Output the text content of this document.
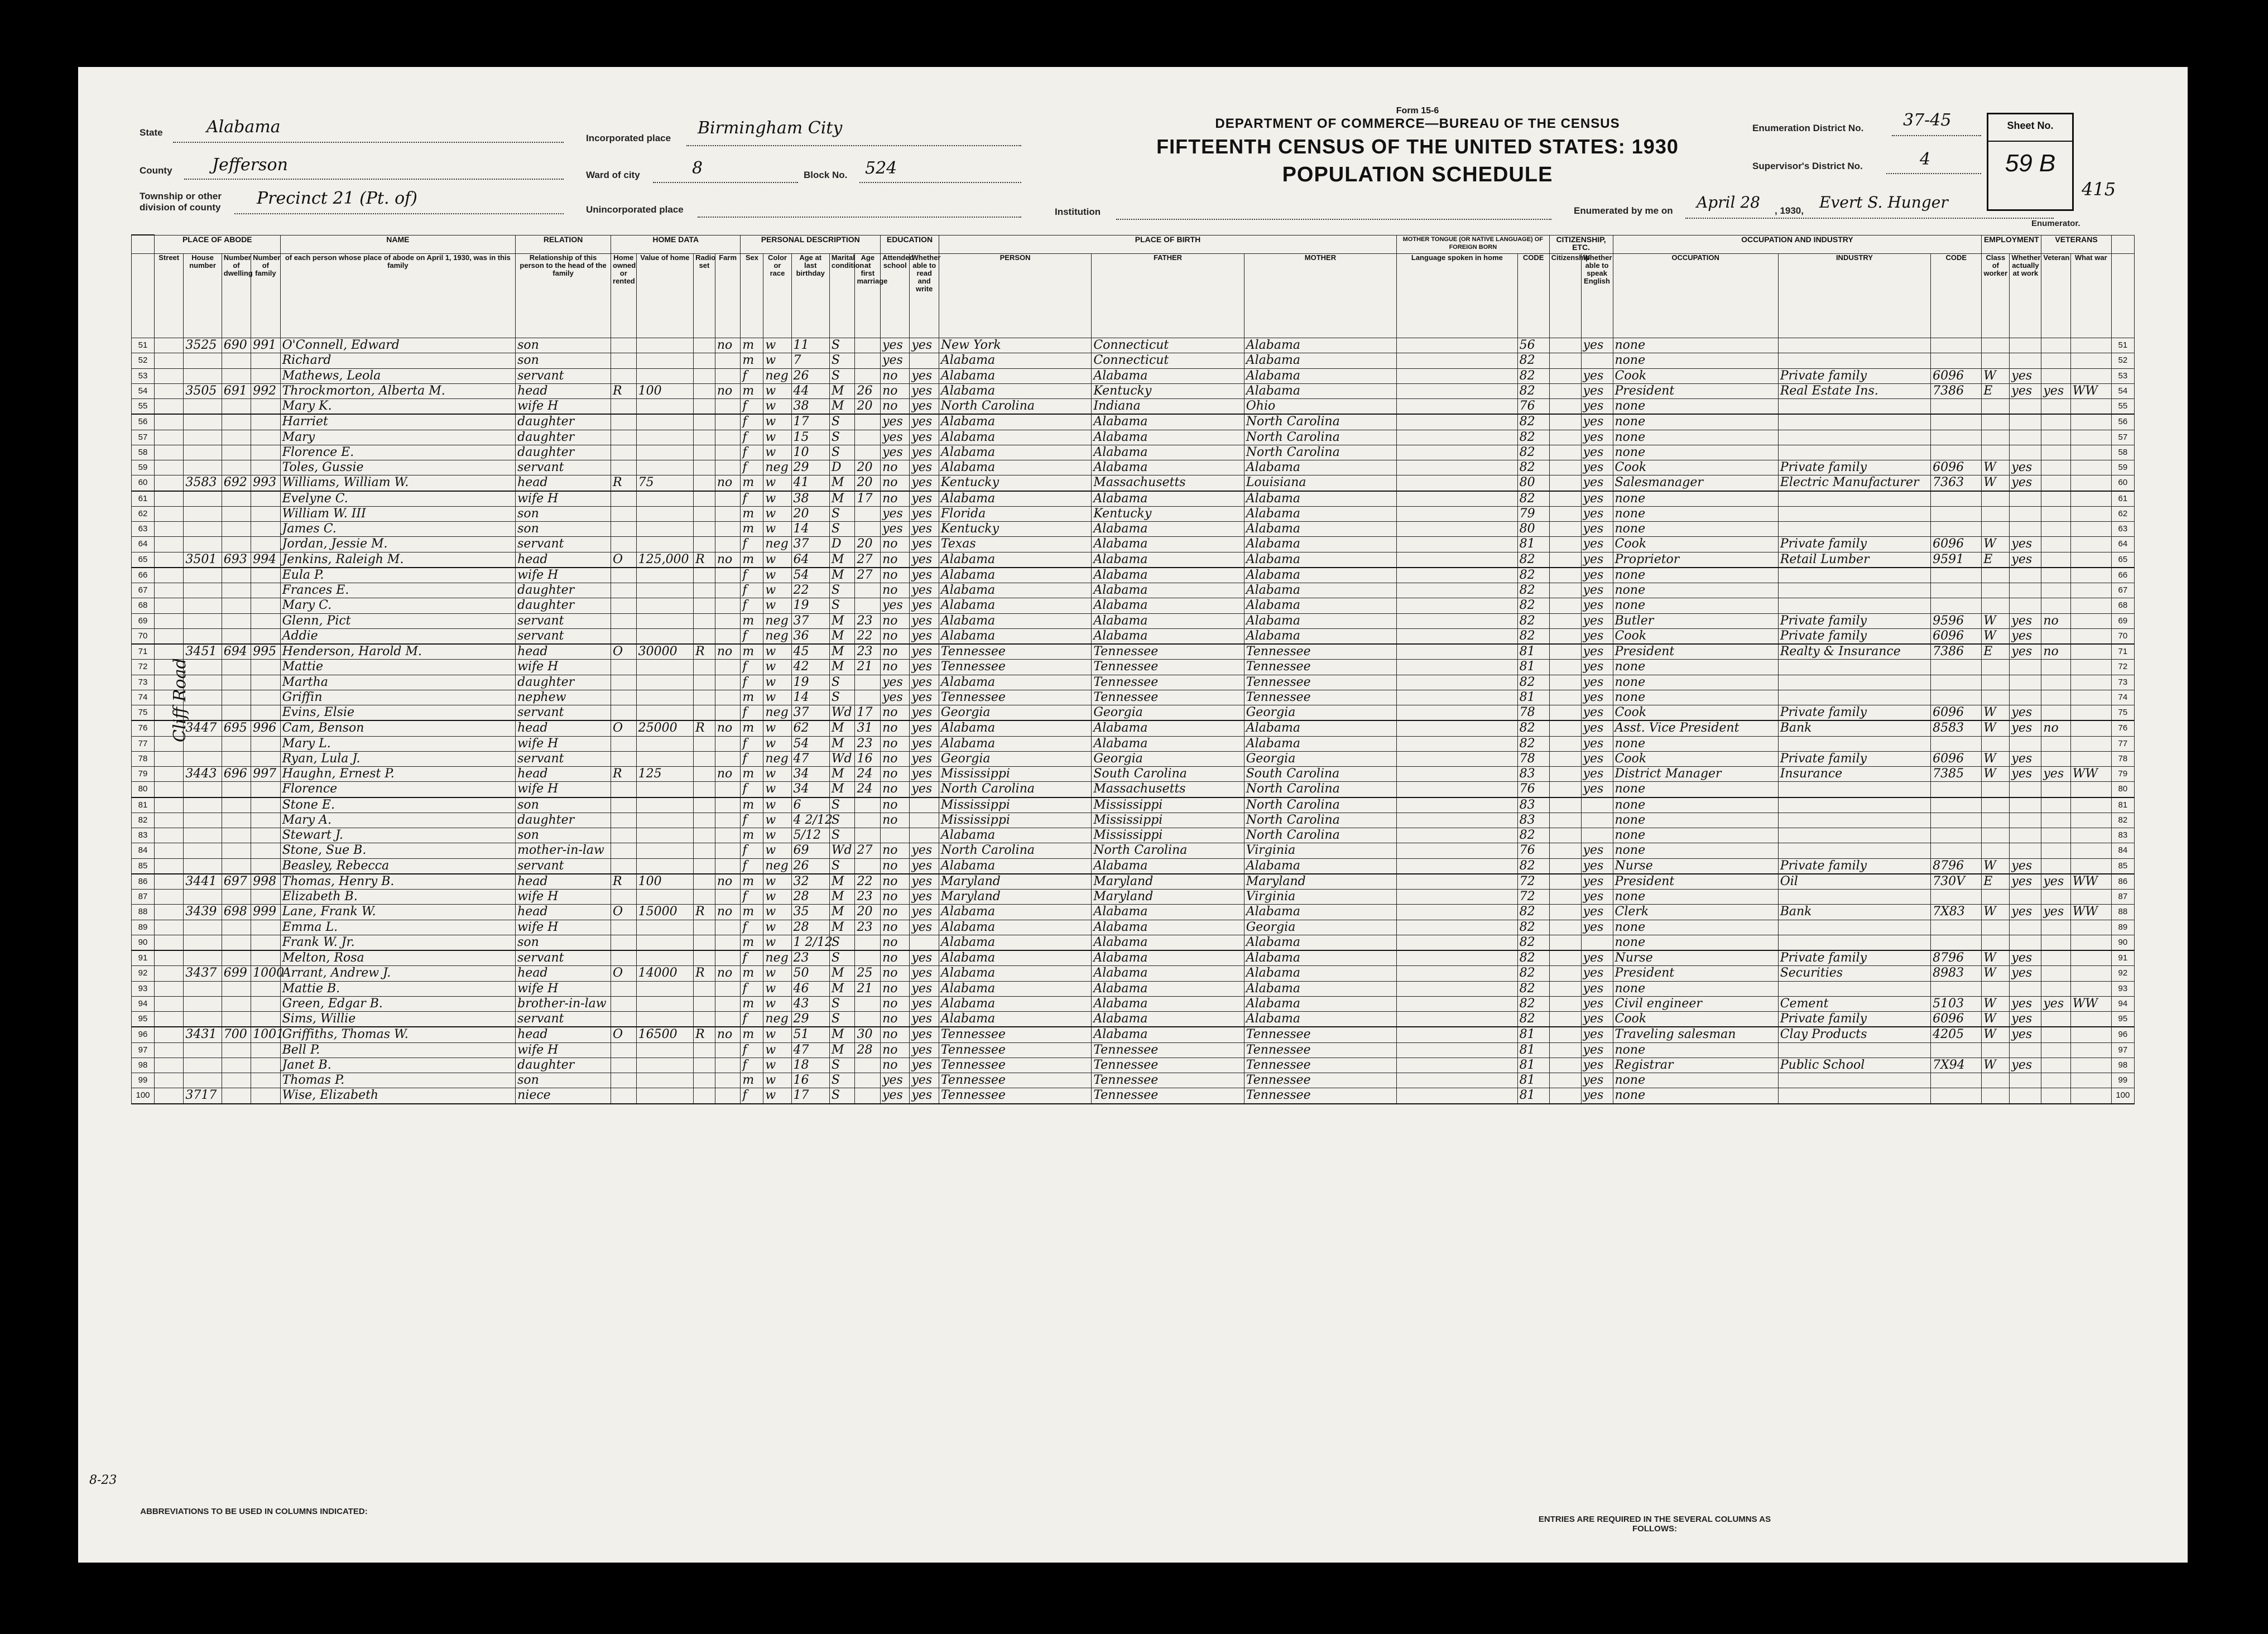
State	Alabama
County Jefferson
Township or other division of county	Precinct 21 (Pt. of)
Incorporated place
Birmingham City
Ward of city	8	Block No. 524
Unincorporated place
Form 15-6
DEPARTMENT OF COMMERCE—BUREAU OF THE CENSUS
FIFTEENTH CENSUS OF THE UNITED STATES: 1930
POPULATION SCHEDULE
Institution
Enumeration District No. 37-45
Supervisor's District No.	4
Enumerated by me on April 28 , 1930, Evert S. Hunger
Enumerator.
415
Sheet No.
59 B
	PLACE OF ABODE				NAME	RELATION	HOME DATA				PERSONAL DESCRIPTION					EDUCATION		PLACE OF BIRTH			MOTHER TONGUE (OR NATIVE LANGUAGE) OF FOREIGN BORN		CITIZENSHIP, ETC.		OCCUPATION AND INDUSTRY			EMPLOYMENT		VETERANS		
	Street	House number	Number of dwelling	Number of family	of each person whose place of abode on April 1, 1930, was in this family	Relationship of this person to the head of the family	Home owned or rented	Value of home	Radio set	Farm	Sex	Color or race	Age at last birthday	Marital condition	Age at first marriage	Attended school	Whether able to read and write	PERSON	FATHER	MOTHER	Language spoken in home	CODE	Citizenship	Whether able to speak English	OCCUPATION	INDUSTRY	CODE	Class of worker	Whether actually at work	Veteran	What war	
51		3525	690	991	O'Connell, Edward	son				no	m	w	11	S		yes	yes	New York	Connecticut	Alabama		56		yes	none							51
52					Richard	son					m	w	7	S		yes		Alabama	Connecticut	Alabama		82			none							52
53					Mathews, Leola	servant					f	neg	26	S		no	yes	Alabama	Alabama	Alabama		82		yes	Cook	Private family	6096	W	yes			53
54		3505	691	992	Throckmorton, Alberta M.	head	R	100		no	m	w	44	M	26	no	yes	Alabama	Kentucky	Alabama		82		yes	President	Real Estate Ins.	7386	E	yes	yes	WW	54
55					Mary K.	wife H					f	w	38	M	20	no	yes	North Carolina	Indiana	Ohio		76		yes	none							55
56					Harriet	daughter					f	w	17	S		yes	yes	Alabama	Alabama	North Carolina		82		yes	none							56
57					Mary	daughter					f	w	15	S		yes	yes	Alabama	Alabama	North Carolina		82		yes	none							57
58					Florence E.	daughter					f	w	10	S		yes	yes	Alabama	Alabama	North Carolina		82		yes	none							58
59					Toles, Gussie	servant					f	neg	29	D	20	no	yes	Alabama	Alabama	Alabama		82		yes	Cook	Private family	6096	W	yes			59
60		3583	692	993	Williams, William W.	head	R	75		no	m	w	41	M	20	no	yes	Kentucky	Massachusetts	Louisiana		80		yes	Salesmanager	Electric Manufacturer	7363	W	yes			60
61					Evelyne C.	wife H					f	w	38	M	17	no	yes	Alabama	Alabama	Alabama		82		yes	none							61
62					William W. III	son					m	w	20	S		yes	yes	Florida	Kentucky	Alabama		79		yes	none							62
63					James C.	son					m	w	14	S		yes	yes	Kentucky	Alabama	Alabama		80		yes	none							63
64					Jordan, Jessie M.	servant					f	neg	37	D	20	no	yes	Texas	Alabama	Alabama		81		yes	Cook	Private family	6096	W	yes			64
65		3501	693	994	Jenkins, Raleigh M.	head	O	125,000	R	no	m	w	64	M	27	no	yes	Alabama	Alabama	Alabama		82		yes	Proprietor	Retail Lumber	9591	E	yes			65
66					Eula P.	wife H					f	w	54	M	27	no	yes	Alabama	Alabama	Alabama		82		yes	none							66
67					Frances E.	daughter					f	w	22	S		no	yes	Alabama	Alabama	Alabama		82		yes	none							67
68					Mary C.	daughter					f	w	19	S		yes	yes	Alabama	Alabama	Alabama		82		yes	none							68
69					Glenn, Pict	servant					m	neg	37	M	23	no	yes	Alabama	Alabama	Alabama		82		yes	Butler	Private family	9596	W	yes	no		69
70					Addie	servant					f	neg	36	M	22	no	yes	Alabama	Alabama	Alabama		82		yes	Cook	Private family	6096	W	yes			70
71		3451	694	995	Henderson, Harold M.	head	O	30000	R	no	m	w	45	M	23	no	yes	Tennessee	Tennessee	Tennessee		81		yes	President	Realty & Insurance	7386	E	yes	no		71
72					Mattie	wife H					f	w	42	M	21	no	yes	Tennessee	Tennessee	Tennessee		81		yes	none							72
73					Martha	daughter					f	w	19	S		yes	yes	Alabama	Tennessee	Tennessee		82		yes	none							73
74					Griffin	nephew					m	w	14	S		yes	yes	Tennessee	Tennessee	Tennessee		81		yes	none							74
75					Evins, Elsie	servant					f	neg	37	Wd	17	no	yes	Georgia	Georgia	Georgia		78		yes	Cook	Private family	6096	W	yes			75
76		3447	695	996	Cam, Benson	head	O	25000	R	no	m	w	62	M	31	no	yes	Alabama	Alabama	Alabama		82		yes	Asst. Vice President	Bank	8583	W	yes	no		76
77					Mary L.	wife H					f	w	54	M	23	no	yes	Alabama	Alabama	Alabama		82		yes	none							77
78					Ryan, Lula J.	servant					f	neg	47	Wd	16	no	yes	Georgia	Georgia	Georgia		78		yes	Cook	Private family	6096	W	yes			78
79		3443	696	997	Haughn, Ernest P.	head	R	125		no	m	w	34	M	24	no	yes	Mississippi	South Carolina	South Carolina		83		yes	District Manager	Insurance	7385	W	yes	yes	WW	79
80					Florence	wife H					f	w	34	M	24	no	yes	North Carolina	Massachusetts	North Carolina		76		yes	none							80
81					Stone E.	son					m	w	6	S		no		Mississippi	Mississippi	North Carolina		83			none							81
82					Mary A.	daughter					f	w	4 2/12	S		no		Mississippi	Mississippi	North Carolina		83			none							82
83					Stewart J.	son					m	w	5/12	S				Alabama	Mississippi	North Carolina		82			none							83
84					Stone, Sue B.	mother-in-law					f	w	69	Wd	27	no	yes	North Carolina	North Carolina	Virginia		76		yes	none							84
85					Beasley, Rebecca	servant					f	neg	26	S		no	yes	Alabama	Alabama	Alabama		82		yes	Nurse	Private family	8796	W	yes			85
86		3441	697	998	Thomas, Henry B.	head	R	100		no	m	w	32	M	22	no	yes	Maryland	Maryland	Maryland		72		yes	President	Oil	730V	E	yes	yes	WW	86
87					Elizabeth B.	wife H					f	w	28	M	23	no	yes	Maryland	Maryland	Virginia		72		yes	none							87
88		3439	698	999	Lane, Frank W.	head	O	15000	R	no	m	w	35	M	20	no	yes	Alabama	Alabama	Alabama		82		yes	Clerk	Bank	7X83	W	yes	yes	WW	88
89					Emma L.	wife H					f	w	28	M	23	no	yes	Alabama	Alabama	Georgia		82		yes	none							89
90					Frank W. Jr.	son					m	w	1 2/12	S		no		Alabama	Alabama	Alabama		82			none							90
91					Melton, Rosa	servant					f	neg	23	S		no	yes	Alabama	Alabama	Alabama		82		yes	Nurse	Private family	8796	W	yes			91
92		3437	699	1000	Arrant, Andrew J.	head	O	14000	R	no	m	w	50	M	25	no	yes	Alabama	Alabama	Alabama		82		yes	President	Securities	8983	W	yes			92
93					Mattie B.	wife H					f	w	46	M	21	no	yes	Alabama	Alabama	Alabama		82		yes	none							93
94					Green, Edgar B.	brother-in-law					m	w	43	S		no	yes	Alabama	Alabama	Alabama		82		yes	Civil engineer	Cement	5103	W	yes	yes	WW	94
95					Sims, Willie	servant					f	neg	29	S		no	yes	Alabama	Alabama	Alabama		82		yes	Cook	Private family	6096	W	yes			95
96		3431	700	1001	Griffiths, Thomas W.	head	O	16500	R	no	m	w	51	M	30	no	yes	Tennessee	Alabama	Tennessee		81		yes	Traveling salesman	Clay Products	4205	W	yes			96
97					Bell P.	wife H					f	w	47	M	28	no	yes	Tennessee	Tennessee	Tennessee		81		yes	none							97
98					Janet B.	daughter					f	w	18	S		no	yes	Tennessee	Tennessee	Tennessee		81		yes	Registrar	Public School	7X94	W	yes			98
99					Thomas P.	son					m	w	16	S		yes	yes	Tennessee	Tennessee	Tennessee		81		yes	none							99
100		3717			Wise, Elizabeth	niece					f	w	17	S		yes	yes	Tennessee	Tennessee	Tennessee		81		yes	none							100
ABBREVIATIONS TO BE USED IN COLUMNS INDICATED:
ENTRIES ARE REQUIRED IN THE SEVERAL COLUMNS AS FOLLOWS:
Cliff Road
8-23
